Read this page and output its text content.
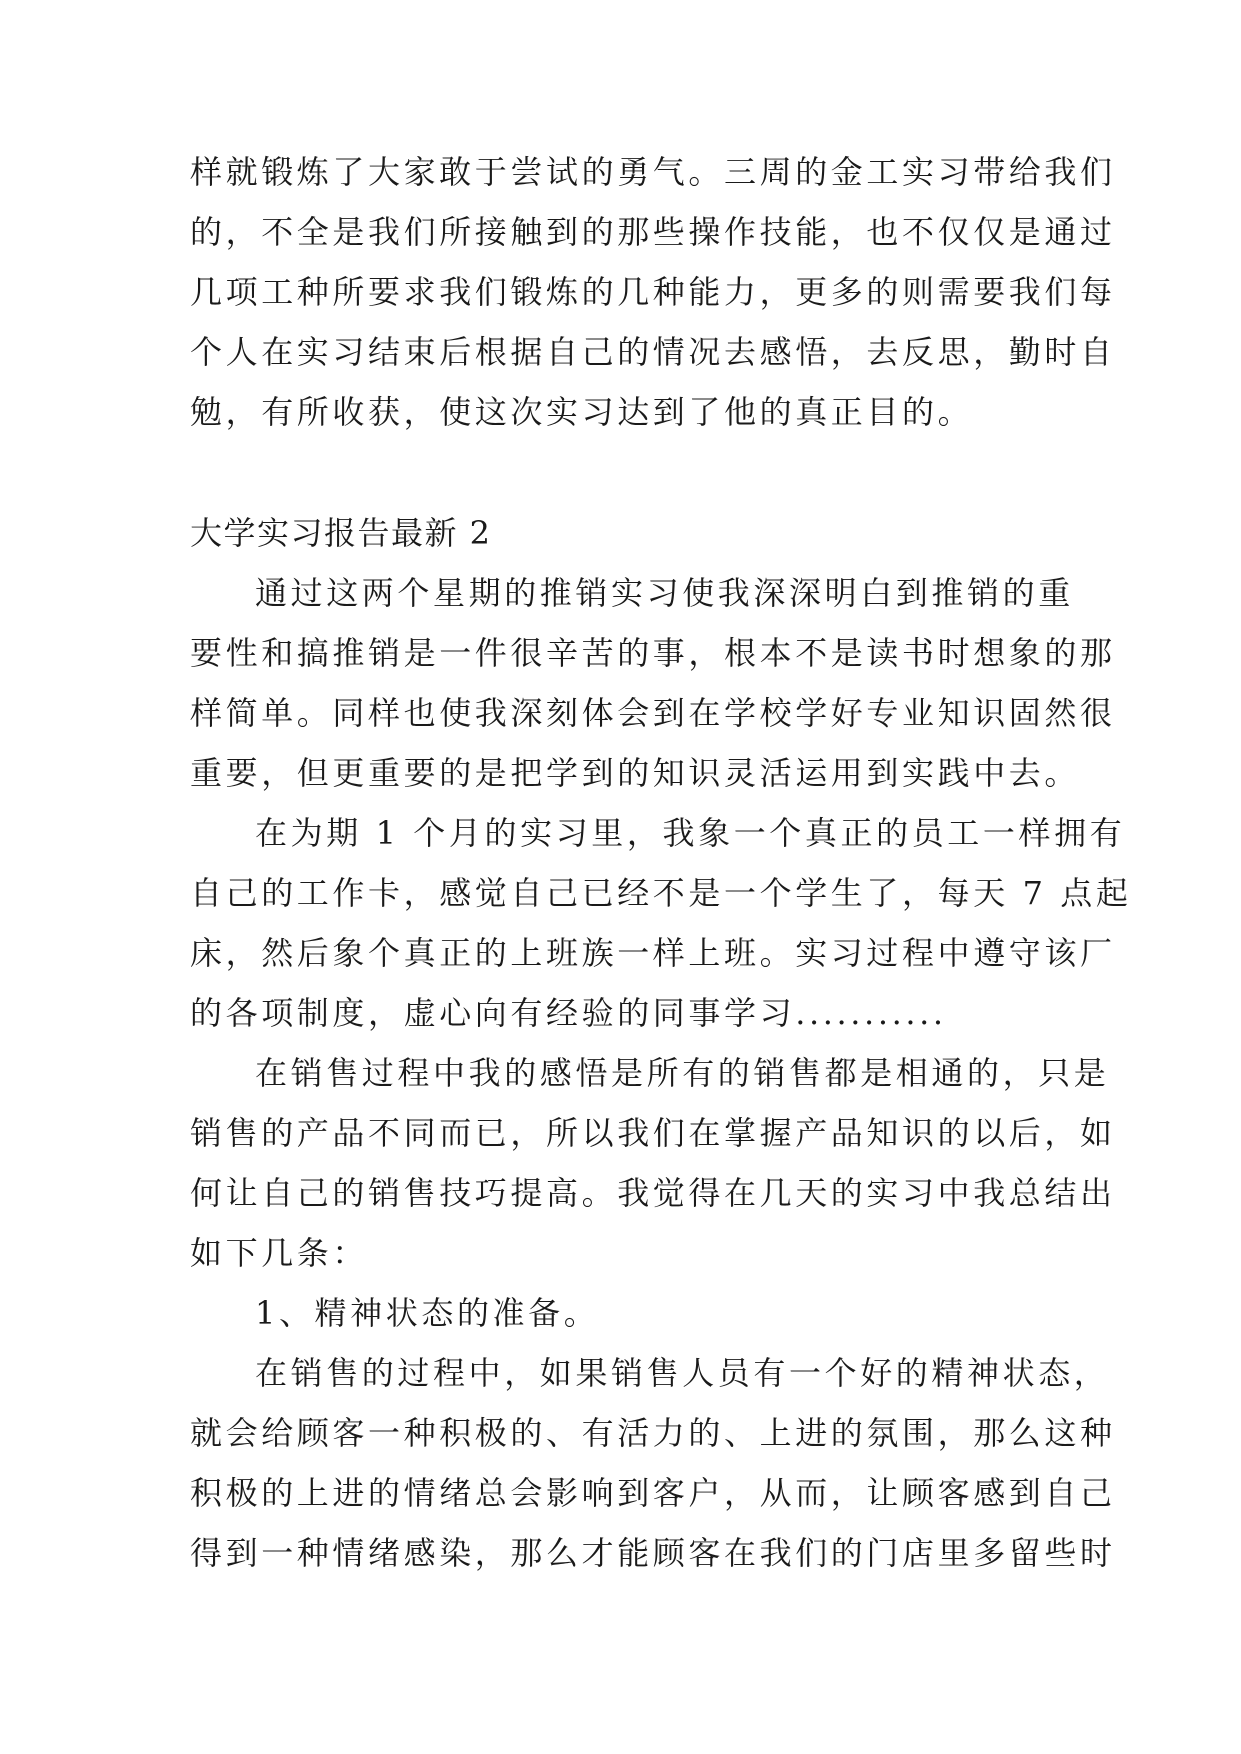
样就锻炼了大家敢于尝试的勇气。三周的金工实习带给我们
的，不全是我们所接触到的那些操作技能，也不仅仅是通过
几项工种所要求我们锻炼的几种能力，更多的则需要我们每
个人在实习结束后根据自己的情况去感悟，去反思，勤时自
勉，有所收获，使这次实习达到了他的真正目的。
大学实习报告最新 2
通过这两个星期的推销实习使我深深明白到推销的重
要性和搞推销是一件很辛苦的事，根本不是读书时想象的那
样简单。同样也使我深刻体会到在学校学好专业知识固然很
重要，但更重要的是把学到的知识灵活运用到实践中去。
在为期 1 个月的实习里，我象一个真正的员工一样拥有
自己的工作卡，感觉自己已经不是一个学生了，每天 7 点起
床，然后象个真正的上班族一样上班。实习过程中遵守该厂
的各项制度，虚心向有经验的同事学习...........
在销售过程中我的感悟是所有的销售都是相通的，只是
销售的产品不同而已，所以我们在掌握产品知识的以后，如
何让自己的销售技巧提高。我觉得在几天的实习中我总结出
如下几条：
1、精神状态的准备。
在销售的过程中，如果销售人员有一个好的精神状态，
就会给顾客一种积极的、有活力的、上进的氛围，那么这种
积极的上进的情绪总会影响到客户，从而，让顾客感到自己
得到一种情绪感染，那么才能顾客在我们的门店里多留些时
